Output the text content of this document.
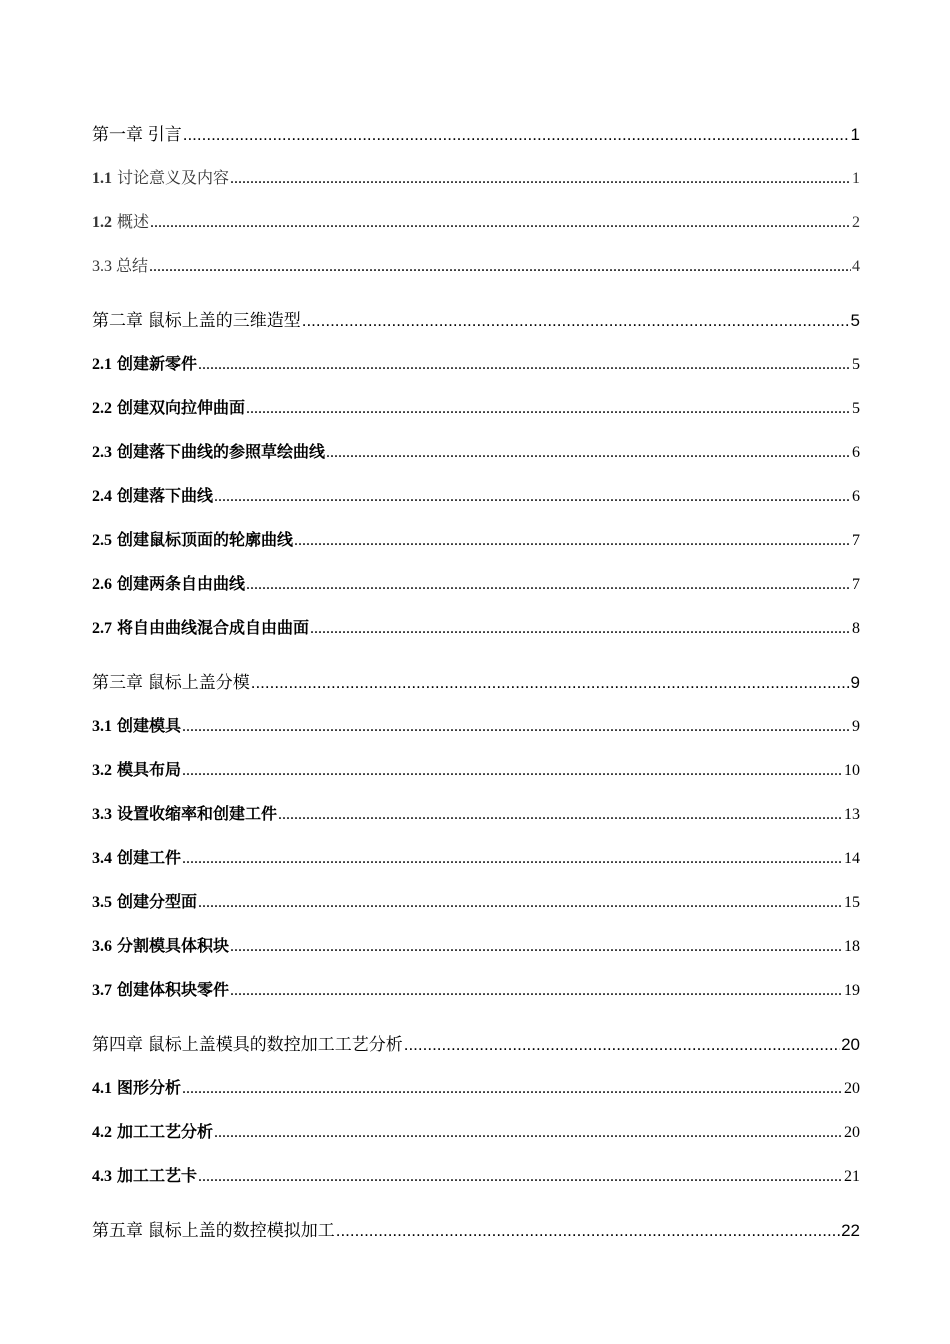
第一章 引言 .....	1
1.1 讨论意义及内容 .....	1
1.2 概述 .....	2
3.3 总结 .....	4
第二章 鼠标上盖的三维造型 .....	5
2.1 创建新零件 .....	5
2.2 创建双向拉伸曲面 .....	5
2.3 创建落下曲线的参照草绘曲线 .....	6
2.4 创建落下曲线 .....	6
2.5 创建鼠标顶面的轮廓曲线 .....	7
2.6 创建两条自由曲线 .....	7
2.7 将自由曲线混合成自由曲面 .....	8
第三章 鼠标上盖分模 .....	9
3.1 创建模具 .....	9
3.2 模具布局 .....	10
3.3 设置收缩率和创建工件 .....	13
3.4 创建工件 .....	14
3.5 创建分型面 .....	15
3.6 分割模具体积块 .....	18
3.7 创建体积块零件 .....	19
第四章 鼠标上盖模具的数控加工工艺分析 .....	20
4.1 图形分析 .....	20
4.2 加工工艺分析 .....	20
4.3 加工工艺卡 .....	21
第五章 鼠标上盖的数控模拟加工 .....	22
